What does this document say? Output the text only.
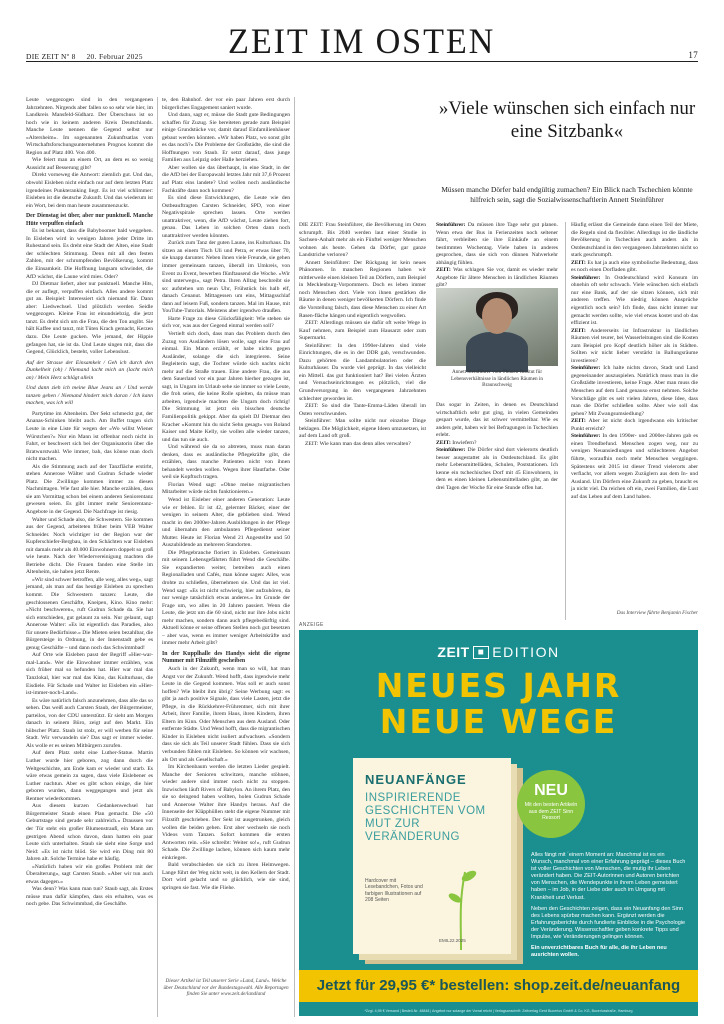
ZEIT IM OSTEN
DIE ZEIT Nº 8 20. Februar 2025	17

Leute weggezogen sind in den vergangenen Jahrzehnten. Nirgends aber fallen so so sehr wie hier, im Landkreis Mansfeld-Südharz. Der Überschuss ist so hoch wie in keinem anderen Kreis Deutschlands. Manche Leute nennen die Gegend selbst nur »Altersheim«. Im sogenannten Zukunftsatlas vom Wirtschaftsforschungsunternehmen Prognos kommt die Region auf Platz 400. Von 400.

Wie feiert man an einem Ort, an dem es so wenig Aussicht auf Besserung gibt?

Direkt vorneweg die Antwort: ziemlich gut. Und das, obwohl Eisleben nicht einfach nur auf dem letzten Platz irgendeines Punkteranking liegt. Es ist viel schlimmer: Eisleben ist die deutsche Zukunft. Und das wiederum ist ein Wort, bei dem man heute zusammenzuckt.

Der Dienstag ist über, aber nur punktuell. Manche Hüte verpuffen einfach

Es ist bekannt, dass die Babyboomer bald weggehen. In Eisleben wird in wenigen Jahren jeder Dritte im Ruhestand sein. Es dreht eine Stadt der Alten, eine Stadt der schlechten Stimmung. Denn mit all den festen Zahlen, mit der schrumpfenden Bevölkerung, kommt die Einsamkeit. Die Hoffnung langsam schwindet, die AfD wächst, die Laune wird mies. Oder?

DJ Dietmar liefert, aber nur punktuell. Manche Hits, die er auflegt, verpuffen einfach. Alles andere kommt gut an. Beispiel: Interessiert sich niemand für. Dann aber: Liedwechsel. Und plötzlich werden Seidle weggezogen. Kleine Frau ist einundsiebzig, die jetzt tanzt. Es dreht sich um die Frau, die den Ton angibt. Sie hält Kaffee und tanzt, mit Tüten Krach gemacht, Kerzen dazu. Die Leute gucken. Wie jemand, der Hippie gefangen hat, sie ist da. Und Leute singen mit, dass die Gegend, Glücklich, besteht, voller Lebenslust.

Auf der Strasse der Einsamkeit / Geh ich durch den Dunkelheit (oh) / Niemand lacht mich an (lacht mich an) / Mein Herz schlägt allein

Und dann zieh ich meine Blue Jeans an / Und werde tanzen gehen / Niemand hindert mich daran / Ich kann machen, was ich will

Partytime im Altenheim. Der Sekt schmeckt gut, der Ananas-Schinken bleibt auch. Am Buffet tragen sich Leute in eine Liste für wegen der »Wo willst Wiener Würstchen?« Nur ein Mann ist offenbar noch nicht in Fahrt, er beschwert sich bei der Organisatorin über die Bratwurstwahl. Wie immer, bah, das könne man doch nicht machen.

Als die Stimmung auch auf der Tanzfläche erstirbt, stehen Annerose Wälter und Gudrun Schade wieder Platz. Die Zwillinge kommen immer zu diesen Nachmittagen. Wie fast alle hier. Manche erzählen, dass sie am Vormittag schon bei einem anderen Seniorentanz gewesen seien. Es gibt immer mehr Seniorentanz-Angebote in der Gegend. Die Nachfrage ist riesig.

Walter und Schade also, die Schwestern. Sie kommen aus der Gegend, arbeiteten früher beim VEB Walter Schneider. Noch wichtiger ist der Region war der Kupferschiefer-Bergbau, in den Schächten war Eisleben mit damals mehr als 40.000 Einwohnern doppelt so groß wie heute. Nach der Wiedervereinigung machten die Betriebe dicht. Die Frauen fanden eine Stelle im Altenheim, sie haben jetzt Rente.

»Wir sind schwer betroffen, alle weg, alles weg«, sagt jemand, als man auf das heutige Eisleben zu sprechen kommt. Die Schwestern tanzen: Leute, die geschlossenen Geschäfte, Kneipen, Kino. Kino mehr: »Nicht beschweren«, ruft Gudrun Schade da. Sie hat sich entschieden, gut gelaunt zu sein. Nur gelaunt, sagt Annerose Walter: »Es ist eigentlich das Paradies, also für unsere Bedürfnisse.« Die Mieten seien bezahlbar, die Bürgersteige in Ordnung, in der Innenstadt gebe es genug Geschäfte – und dann noch das Schwimmbad!

Auf Orte wie Eisleben passt der Begriff »Hier-war-mal-Land«. Wer die Einwohner immer erzählen, was sich früher mal so befunden hat. Hier war mal das Tanzlokal, hier war mal das Kino, das Kulturhaus, die Eisdiele. Für Schade und Walter ist Eisleben ein »Hier-ist-immer-noch-Land«.

Es wäre natürlich falsch anzunehmen, dass alle das so sehen. Das weiß auch Carsten Staub, der Bürgermeister, parteilos, von der CDU unterstützt. Er sieht am Morgen danach in seinem Büro, zeigt auf den Markt. Ein hübscher Platz. Staub ist stolz, er will werben für seine Stadt. Wir verwandeln sie? Das sagt er immer wieder. Als wolle er es seinen Mitbürgern zurufen.

Auf dem Platz steht eine Luther-Statue. Martin Luther wurde hier geboren, zog dann durch die Weltgeschichte, am Ende kam er wieder und starb. Es wäre etwas gemein zu sagen, dass viele Eislebener es Luther nachtun. Aber es gibt schon einige, die hier geboren wurden, dann weggegangen und jetzt als Rentner wiederkommen.

Aus diesem kurzen Gedankenwechsel hat Bürgermeister Staub einen Plan gemacht. Die »50 Geburtstage sind gerade sehr zahlreich.« Draussen vor der Tür steht ein großer Blumenstrauß, ein Mann am gestrigen Abend schon davon, dann hatten ein paar Leute sich unterhalten. Staub sie sieht eine Sorge und Neid: »Es ist nicht blöd. Sie wird ein Ding mit 80 Jahren alt. Solche Termine habe er häufig.

»Natürlich haben wir ein großes Problem mit der Überalterung«, sagt Carsten Staub. »Aber wir tun auch etwas dagegen.«

Was denn? Was kann man tun? Staub sagt, als Erstes müsse man dafür kämpfen, dass ein erhalten, was es noch gebe. Das Schwimmbad, die Geschäfte.

te, den Bahnhof. der vor ein paar Jahren erst durch bürgerliches Engagement saniert wurde.

Und dann, sagt er, müsse die Stadt gute Bedingungen schaffen für Zuzug. Sie bereiteten gerade zum Beispiel einige Grundstücke vor, damit darauf Einfamilienhäuser gebaut werden könnten. »Wir haben Platz, wo sonst gibt es das noch?« Die Probleme der Großstädte, die sind die Hoffnungen von Staub. Er setzt darauf, dass junge Familien aus Leipzig oder Halle herziehen.

Aber wollen sie das überhaupt, in eine Stadt, in der die AfD bei der Europawahl letztes Jahr mit 37,6 Prozent auf Platz eins landete? Und wollen noch ausländische Fachkräfte dann noch kommen?

Es sind diese Entwicklungen, die Leute wie den Ostbeauftragten Carsten Schneider, SPD, von einer Negativspirale sprechen lassen. Orte werden unattraktiver, wenn, die AfD wächst, Leute ziehen fort, genau. Das Leben in solchen Orten dann noch unattraktiver werden könnten.

Zurück zum Tanz der guten Laune, ins Kulturhaus. Da sitzen an einem Tisch Uli und Petra, er etwas über 70, sie knapp darunter. Neben ihnen viele Freunde, sie gehen immer gemeinsam tanzen, überall im Umkreis, von Event zu Event, bewerben flünftausend die Woche. »Wir sind unterwegs«, sagt Petra. Ihren Alltag beschreibt sie so: aufstehen um neun Uhr, Frühstück bis halb elf, danach Cenanut. Mittagessen um eins, Mittagsschlaf dann auf leisem Fuß, sondern tanzen. Mal im Hause, mit YouTube-Tutorials. Meistens aber irgendwo draußen.

Harte Frage zu diese Glücksfäligkeit: Wie stehen sie sich vor, was aus der Gegend einmal werden soll?

Vertieft sich doch, dass man das Problem durch den Zuzug von Ausländern lösen wolle, sagt eine Frau auf einmal. Ein Mann erzählt, er habe nichts gegen Ausländer, solange die sich integrieren. Seine Begleiterin sagt, die Tochter würde sich nachts nicht mehr auf die Straße trauen. Eine andere Frau, die aus dem Sauerland vor ein paar Jahren hierher gezogen ist, sagt, in Ungarn im Urlaub sehe sie immer so viele Leute, die froh seien, die keine Rolle spielten, da müsse man arbeiten, irgendwie machten die Ungarn doch richtig! Die Stimmung ist jetzt ein bisschen deutsche Familienpolitik gekippt. Aber da spielt DJ Dietmar den Kracher »Kommt hin du nicht Sehn gesagt« von Roland Kaiser und Maite Kelly, sie wollen alle wieder tanzen, und das tun sie auch.

Und während sie da so abtreten, muss man daran denken, dass es ausländische Pflegekräfte gibt, die erzählen, dass manche Patienten nicht von ihnen behandelt werden wollen. Wegen ihrer Hautfarbe. Oder weil sie Kopftuch tragen.

Florian Wend sagt: »Ohne meine migrantischen Mitarbeiter würde nichts funktionieren.«

Wend ist Eisleber einer anderen Generation: Leute wie er fehlen. Er ist 42, gelernter Bäcker, einer der wenigen in seinem Alter, die geblieben sind. Wend macht in den 2000er-Jahren Ausbildungen in der Pflege und übernahm den ambulanten Pflegedienst seiner Mutter. Heute ist Florian Wend 21 Angestellte und 50 Auszubildende an mehreren Standorten.

Die Pflegebranche floriert in Eisleben. Gemeinsam mit seinem Lebensgefährten führt Wend die Geschäfte. Sie expandierten weiter, betreiben auch einen Regionalladen und Cafés, man könne sagen: Alles, was drohte zu schließen, übernehmen sie. Und das ist viel. Wend sagt: »Es ist nicht schwierig, hier aufzuhören, da nur wenige tatsächlich etwas anderes.« Im Grunde der Frage um, wo alles in 20 Jahren passiert. Wenn die Leute, die jetzt um die 60 sind, nicht nur ihre Jobs nicht mehr machen, sondern dann auch pflegebedürftig sind. Aktuell könne er seine offenen Stellen noch gut besetzen – aber was, wenn es immer weniger Arbeitskräfte und immer mehr Arbeit gibt?

In der Kupplhalle des Handys sieht die eigene Nummer mit Filmzifft gescheiben

Auch in der Zukunft, wenn man so will, hat man Angst vor der Zukunft. Wend hofft, dass irgendwie mehr Leute in die Gegend kommen. Was soll er auch sonst hoffen? Wie bleibt ihm übrig? Seine Werbung sagt: es gibt ja auch positive Signale, dass viele Lasten, jetzt die Pflege, in die Rückkehrer-Frührentner, sich mit ihrer Arbeit, ihrer Familie, ihrem Haus, ihren Kindern, ihren Eltern im Kinn. Oder Menschen aus dem Ausland. Oder entfernte Städte. Und Wend hofft, dass die migrantischen Kinder in Eisleben nicht isoliert aufwachsen. »Sondern dass sie sich als Teil unserer Stadt fühlen. Dass sie sich verbunden fühlen mit Eisleben. So können wir wachsen, als Ort und als Gesellschaft.«

Im Kirchenbaum werden die letzten Lieder gespielt. Manche der Senioren schwitzen, manche stöhnen, wieder andere sind immer noch nicht zu stoppen. Inzwischen läuft Rivers of Babylon. An ihrem Platz, den sie so deingend haben wollten, holen Gudrun Schade und Annerose Walter ihre Handys heraus. Auf die Innenseite der Kläpphüllen steht die eigene Nummer mit Filzstift geschrieben. Der Sekt ist ausgetrunken, gleich wollen die beiden gehen. Erst aber wechseln sie noch Videos vom Tanzen. Sofort kommen die ersten Antworten rein. »Sie schreibt: Weiter so!«, ruft Gudrun Schade. Die Zwillinge lachen, können sich kaum mehr einkriegen.

Bald verabschieden sie sich zu ihren Heimwegen. Lange führt der Weg nicht weit, in den Kellern der Stadt. Dort wird gelacht und so glücklich, wie sie sind, springen sie fast. Wie die Fliehe.

»Viele wünschen sich einfach nur eine Sitzbank«
Müssen manche Dörfer bald endgültig zumachen? Ein Blick nach Tschechien könnte hilfreich sein, sagt die Sozialwissenschaftlerin Annett Steinführer

DIE ZEIT: Frau Steinführer, die Bevölkerung im Osten schrumpft. Bis 2040 werden laut einer Studie in Sachsen-Anhalt mehr als ein Fünftel weniger Menschen wohnen als heute. Gehen da Dörfer, gar ganze Landstriche verloren?

Annett Steinführer: Der Rückgang ist kein neues Phänomen. In manchen Regionen haben wir mittlerweile einen kleinen Teil an Dörfern, zum Beispiel in Mecklenburg-Vorpommern. Doch es leben immer noch Menschen dort. Viele von ihnen gestärken die Räume in denen weniger bevölkerten Dörfern. Ich finde die Vorstellung falsch, dass diese Menschen zu einer Art Rasen-fläche hängen und eigentlich wegwollen.

ZEIT: Allerdings müssen sie dafür oft weite Wege in Kauf nehmen, zum Beispiel zum Hausarzt oder zum Supermarkt.

Steinführer: In den 1990er-Jahren sind viele Einrichtungen, die es in der DDR gab, verschwunden. Dazu gehörten die Landambulatorien oder die Kulturhäuser. Da wurde viel geprügt. In das vielleicht ein Mittell. das gut funktioniert hat? Bei vielen Ärzten und Versuchseinrichtungen es plötzlich, viel die Grundversorgung in den vergangenen Jahrzehnten schlechter geworden ist.

ZEIT: So sind die Tante-Emma-Läden überall im Osten verschwunden.

Steinführer: Man sollte nicht nur einzelne Dinge beklagen. Die Möglichkeit, eigene Ideen umzusetzen, ist auf dem Land oft groß.

ZEIT: Wie kann man das denn alles verwalten?

Steinführer: Da müssen ihre Tage sehr gut planen. Wenn etwa der Bus in Ferienzeiten noch seltener fährt, verbleiben sie ihre Einkäufe an einem bestimmten Wochentag. Viele haben in anderes gesprochen, dass sie sich von dünnen Nahverkehr abhängig fühlen.

ZEIT: Was schlagen Sie vor, damit es wieder mehr Angebote für ältere Menschen in ländlichen Räumen gibt?

Annett Steinführer vom Thünen-Institut für Lebensverhältnisse in ländlichen Räumen in Braunschweig

Das sogar in Zeiten, in denen es Deutschland wirtschaftlich sehr gut ging, in vielen Gemeinden gespart wurde, das ist schwer vermittelbar. Wie es anders geht, haben wir bei Befragungen in Tschechien erlebt.

ZEIT: Inwiefern?

Steinführer: Die Dörfer sind dort vielerorts deutlich besser ausgestattet als in Ostdeutschland. Es gibt mehr Lebensmittelläden, Schulen, Poststationen. Ich kenne ein tschechisches Dorf mit 45 Einwohnern, in dem es einen kleinen Lebensmittelladen gibt, an der drei Tagen der Woche für eine Stunde offen hat.

Häufig erlässt die Gemeinde dann einen Teil der Miete, die Regeln sind da flexibler. Allerdings ist die ländliche Bevölkerung in Tschechien auch anders als in Ostdeutschland in den vergangenen Jahrzehnten nicht so stark geschrumpft.

ZEIT: Es hat ja auch eine symbolische Bedeutung, dass es noch einen Dorfladen gibt.

Steinführer: In Ostdeutschland wird Konsum im ohnehin oft sehr schwach. Viele wünschen sich einfach nur eine Bank, auf der sie sitzen können, sich mit anderen treffen. Wie niedrig können Ansprüche eigentlich noch sein? Ich finde, dass nicht immer nur gemacht werden sollte, wie viel etwas kostet und ob das effizient ist.

ZEIT: Andererseits ist Infrastruktur in ländlichen Räumen viel teurer, bei Wasserleitungen sind die Kosten zum Beispiel pro Kopf deutlich höher als in Städten. Sollten wir nicht lieber verstärkt in Ballungsräume investieren?

Steinführer: Ich halte nichts davon, Stadt und Land gegeneinander auszuspielen. Natürlich muss man in die Großstädte investieren, keine Frage. Aber man muss die Menschen auf dem Land genauso ernst nehmen. Solche Vorschläge gibt es seit vielen Jahren, diese Idee, dass man die Dörfer schließen sollte. Aber wie soll das gehen? Mit Zwangsumsiedlung?

ZEIT: Aber ist nicht doch irgendwann ein kritischer Punkt erreicht?

Steinführer: In den 1990er- und 2000er-Jahren gab es einen Trendbefund. Menschen zogen weg, nur zu wenigen Neuansiedlungen und schlechteren Angebot führte, woraufhin noch mehr Menschen weggingen. Spätestens seit 2015 ist dieser Trend vielerorts aber verflacht, vor allem wegen Zuzüglern aus dem In- und Ausland. Um Dörfern eine Zukunft zu geben, braucht es ja nicht viel. Da reichen oft ein, zwei Familien, die Lust auf das Leben auf dem Land haben.

Das Interview führte Benjamin Fischer
ANZEIGE
ZEIT ■ EDITION
NEUES JAHR
NEUE WEGE
NEUANFÄNGE
INSPIRIERENDE GESCHICHTEN VOM MUT ZUR VERÄNDERUNG
Hardcover mit Lesebandchen, Fotos und farbigen Illustrationen auf 208 Seiten
EMIL22.2025
NEU
Mit den besten Artikeln aus dem ZEIT Sinn Ressort

Alles fängt mit ´einem Moment an: Manchmal ist es ein Wunsch, manchmal von einer Erfahrung geprägt – dieses Buch ist voller Geschichten von Menschen, die mutig ihr Leben verändert haben. Die ZEIT-Autorinnen und Autoren berichten von Menschen, die Wendepunkte in ihrem Leben gemeistert haben – im Job, in der Liebe oder auch im Umgang mit Krankheit und Verlust.

Neben den Geschichten zeigen, dass ein Neuanfang den Sinn des Lebens spürbar machen kann. Ergänzt werden die Erfahrungsberichte durch fundierte Einblicke in die Psychologie der Veränderung. Wissenschaftler geben konkrete Tipps und Impulse, wie Veränderungen gelingen können.

Ein unverzichtbares Buch für alle, die ihr Leben neu ausrichten wollen.

Jetzt für 29,95 €* bestellen: shop.zeit.de/neuanfang
*Zzgl. 4,95 € Versand | Bestell-Nr. 48848 | Angebot nur solange der Vorrat reicht | Verlagsanschrift: Zeitverlag Gerd Bucerius GmbH & Co. KG, Buceriusstraße, Hamburg
Dieser Artikel ist Teil unserer Serie »Land, Land«. Welche über Deutschland vor der Bundestagswahl. Alle Reportagen finden Sie unter www.zeit.de/landland
